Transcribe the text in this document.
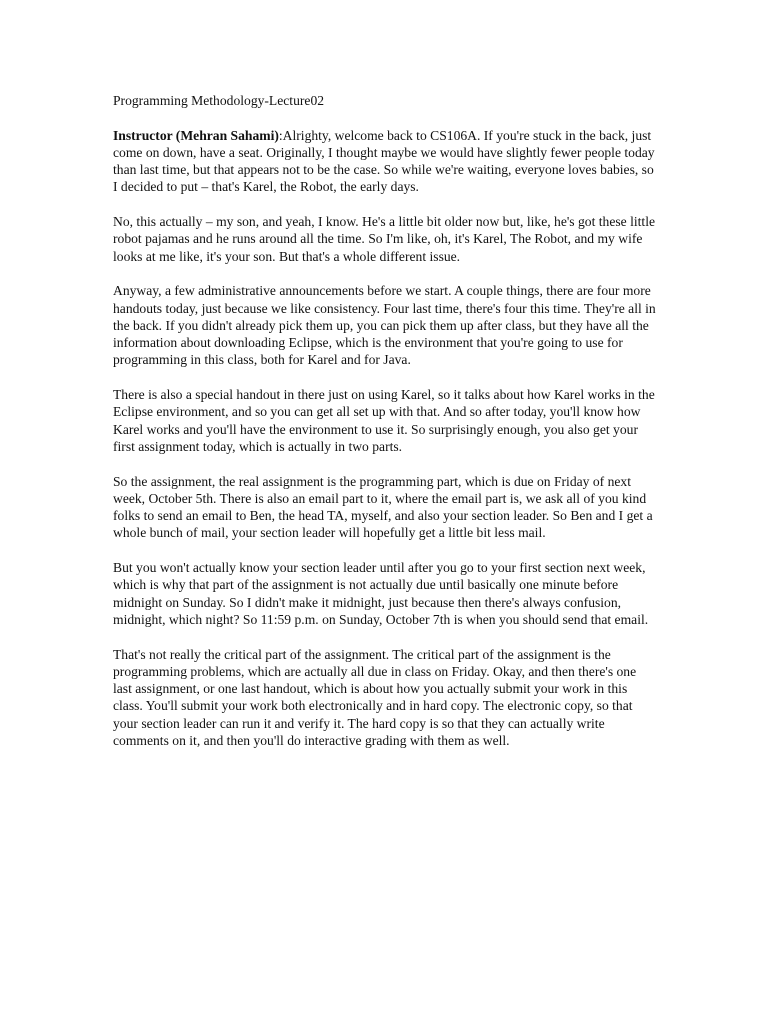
Programming Methodology-Lecture02

Instructor (Mehran Sahami):Alrighty, welcome back to CS106A. If you're stuck in the back, just come on down, have a seat. Originally, I thought maybe we would have slightly fewer people today than last time, but that appears not to be the case. So while we're waiting, everyone loves babies, so I decided to put – that's Karel, the Robot, the early days.

No, this actually – my son, and yeah, I know. He's a little bit older now but, like, he's got these little robot pajamas and he runs around all the time. So I'm like, oh, it's Karel, The Robot, and my wife looks at me like, it's your son. But that's a whole different issue.

Anyway, a few administrative announcements before we start. A couple things, there are four more handouts today, just because we like consistency. Four last time, there's four this time. They're all in the back. If you didn't already pick them up, you can pick them up after class, but they have all the information about downloading Eclipse, which is the environment that you're going to use for programming in this class, both for Karel and for Java.

There is also a special handout in there just on using Karel, so it talks about how Karel works in the Eclipse environment, and so you can get all set up with that. And so after today, you'll know how Karel works and you'll have the environment to use it. So surprisingly enough, you also get your first assignment today, which is actually in two parts.

So the assignment, the real assignment is the programming part, which is due on Friday of next week, October 5th. There is also an email part to it, where the email part is, we ask all of you kind folks to send an email to Ben, the head TA, myself, and also your section leader. So Ben and I get a whole bunch of mail, your section leader will hopefully get a little bit less mail.

But you won't actually know your section leader until after you go to your first section next week, which is why that part of the assignment is not actually due until basically one minute before midnight on Sunday. So I didn't make it midnight, just because then there's always confusion, midnight, which night? So 11:59 p.m. on Sunday, October 7th is when you should send that email.

That's not really the critical part of the assignment. The critical part of the assignment is the programming problems, which are actually all due in class on Friday. Okay, and then there's one last assignment, or one last handout, which is about how you actually submit your work in this class. You'll submit your work both electronically and in hard copy. The electronic copy, so that your section leader can run it and verify it. The hard copy is so that they can actually write comments on it, and then you'll do interactive grading with them as well.
